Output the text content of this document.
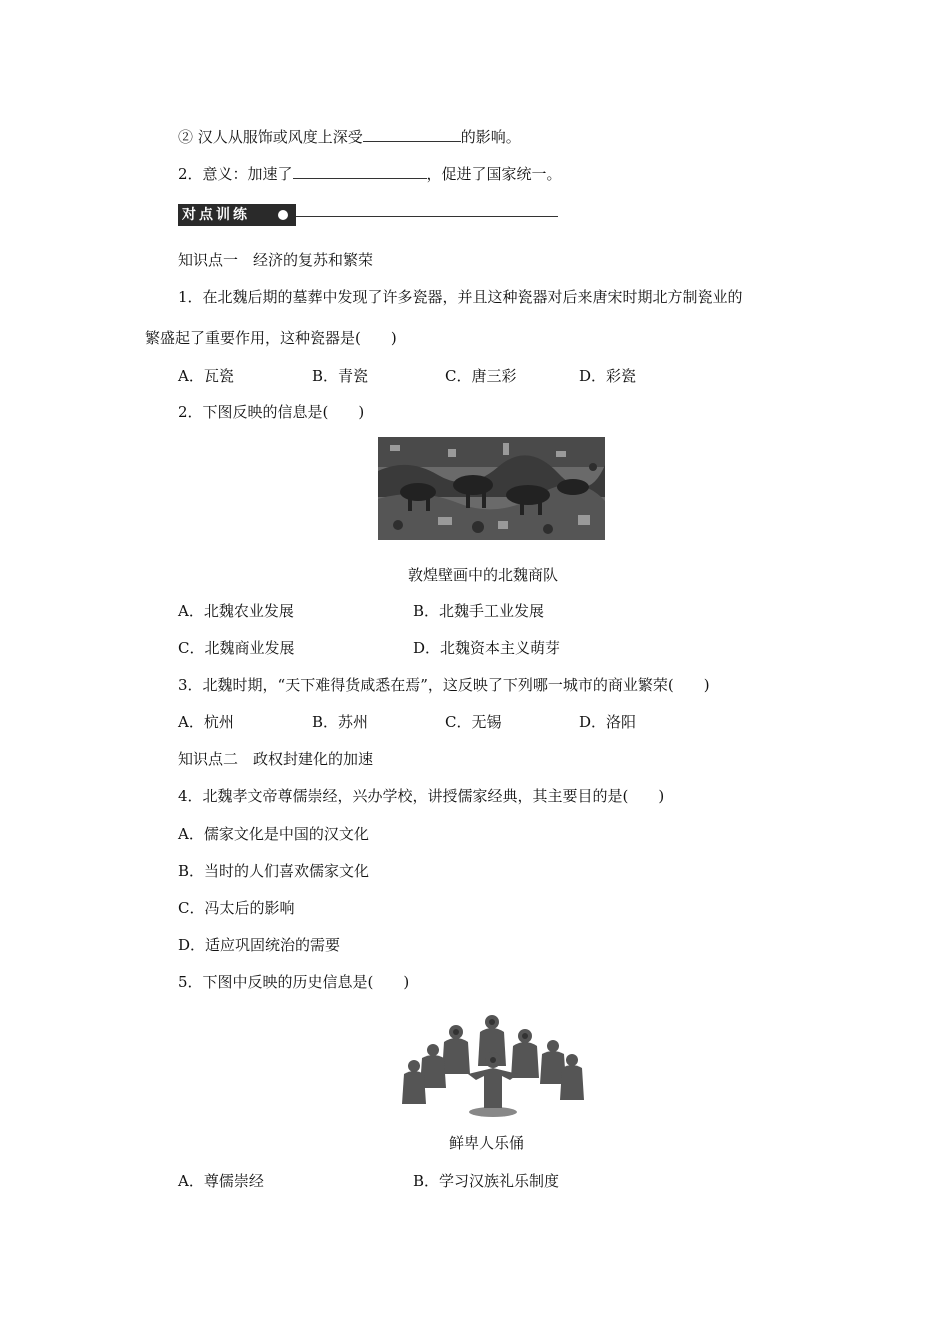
② 汉人从服饰或风度上深受	的影响。
2．意义：加速了	，促进了国家统一。
对点训练
知识点一　经济的复苏和繁荣
1．在北魏后期的墓葬中发现了许多瓷器，并且这种瓷器对后来唐宋时期北方制瓷业的
繁盛起了重要作用，这种瓷器是(　　)
A．瓦瓷	B．青瓷	C．唐三彩	D．彩瓷
2．下图反映的信息是(　　)
敦煌壁画中的北魏商队
A．北魏农业发展	B．北魏手工业发展
C．北魏商业发展	D．北魏资本主义萌芽
3．北魏时期，“天下难得货咸悉在焉”，这反映了下列哪一城市的商业繁荣(　　)
A．杭州	B．苏州	C．无锡	D．洛阳
知识点二　政权封建化的加速
4．北魏孝文帝尊儒崇经，兴办学校，讲授儒家经典，其主要目的是(　　)
A．儒家文化是中国的汉文化
B．当时的人们喜欢儒家文化
C．冯太后的影响
D．适应巩固统治的需要
5．下图中反映的历史信息是(　　)
鲜卑人乐俑
A．尊儒崇经	B．学习汉族礼乐制度
